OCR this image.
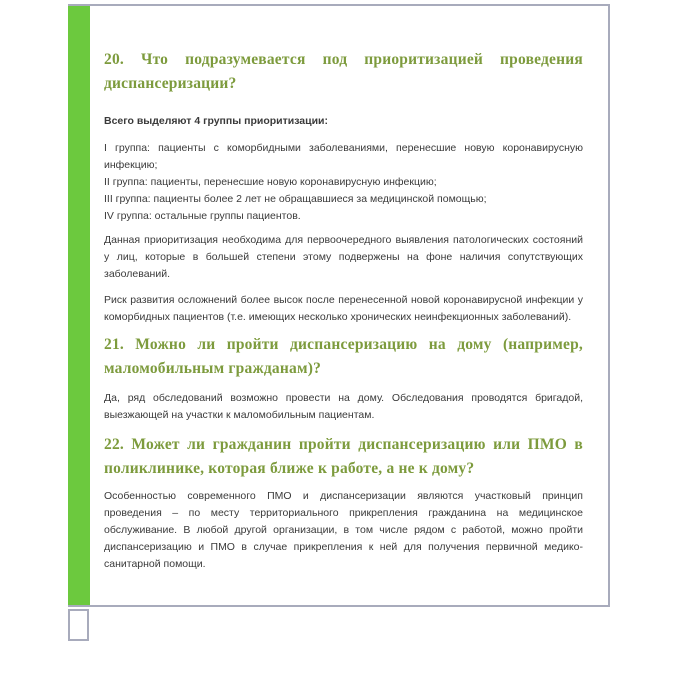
20. Что подразумевается под приоритизацией проведения
диспансеризации?
Всего выделяют 4 группы приоритизации:
I группа: пациенты с коморбидными заболеваниями, перенесшие новую коронавирусную
инфекцию;
II группа: пациенты, перенесшие новую коронавирусную инфекцию;
III группа: пациенты более 2 лет не обращавшиеся за медицинской помощью;
IV группа: остальные группы пациентов.
Данная приоритизация необходима для первоочередного выявления патологических состояний
у лиц, которые в большей степени этому подвержены на фоне наличия сопутствующих
заболеваний.
Риск развития осложнений более высок после перенесенной новой коронавирусной инфекции у
коморбидных пациентов (т.е. имеющих несколько хронических неинфекционных заболеваний).
21. Можно ли пройти диспансеризацию на дому (например,
маломобильным гражданам)?
Да, ряд обследований возможно провести на дому. Обследования проводятся бригадой,
выезжающей на участки к маломобильным пациентам.
22. Может ли гражданин пройти диспансеризацию или ПМО в
поликлинике, которая ближе к работе, а не к дому?
Особенностью современного ПМО и диспансеризации являются участковый принцип
проведения – по месту территориального прикрепления гражданина на медицинское
обслуживание. В любой другой организации, в том числе рядом с работой, можно пройти
диспансеризацию и ПМО в случае прикрепления к ней для получения первичной медико-
санитарной помощи.
